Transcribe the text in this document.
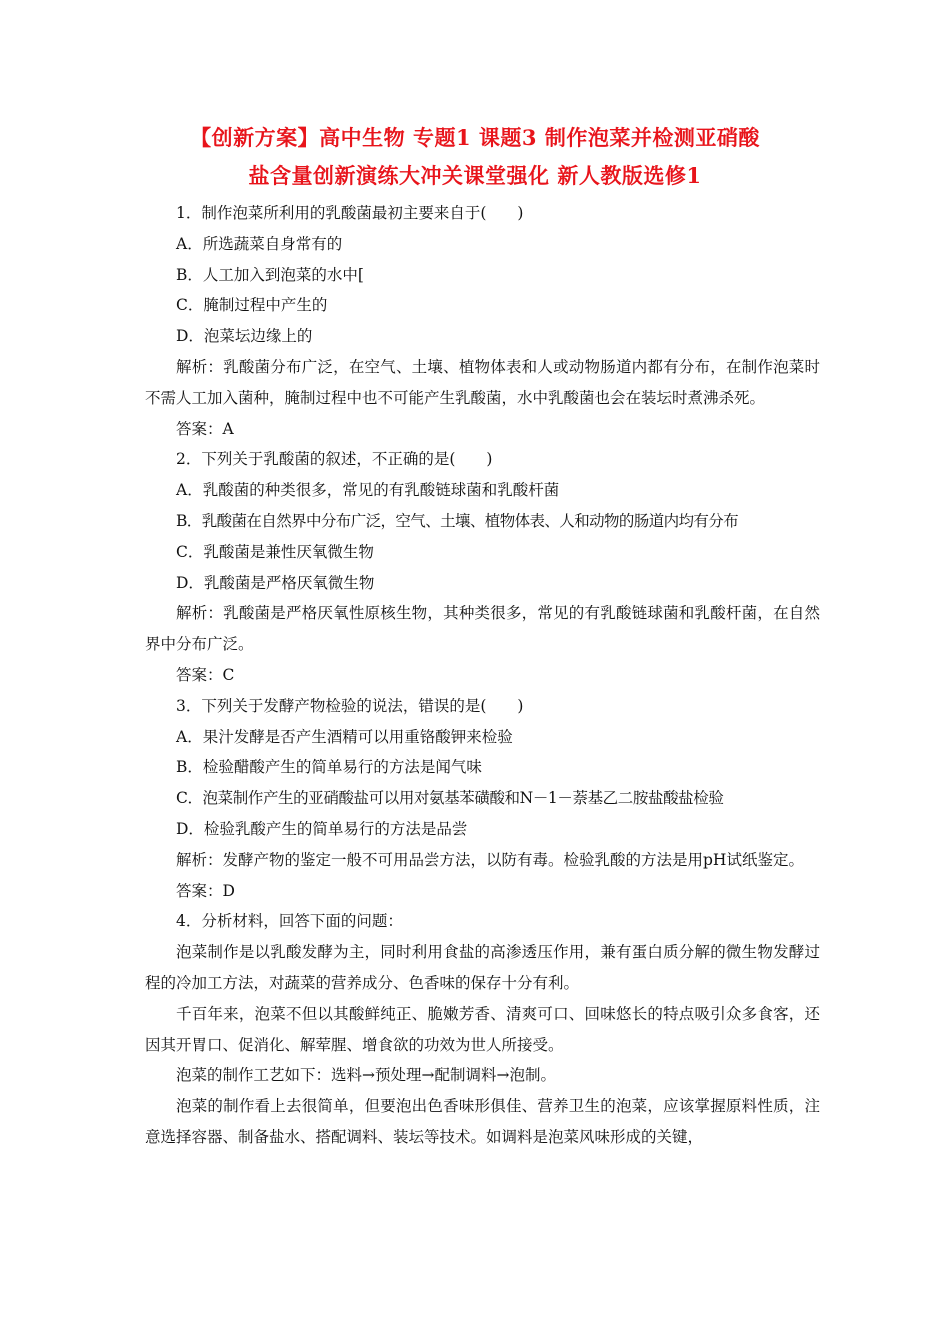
【创新方案】高中生物 专题1 课题3 制作泡菜并检测亚硝酸
盐含量创新演练大冲关课堂强化 新人教版选修1
1．制作泡菜所利用的乳酸菌最初主要来自于(　　)
A．所选蔬菜自身常有的
B．人工加入到泡菜的水中[
C．腌制过程中产生的
D．泡菜坛边缘上的
解析：乳酸菌分布广泛，在空气、土壤、植物体表和人或动物肠道内都有分布，在制作泡菜时不需人工加入菌种，腌制过程中也不可能产生乳酸菌，水中乳酸菌也会在装坛时煮沸杀死。
答案：A
2．下列关于乳酸菌的叙述，不正确的是(　　)
A．乳酸菌的种类很多，常见的有乳酸链球菌和乳酸杆菌
B．乳酸菌在自然界中分布广泛，空气、土壤、植物体表、人和动物的肠道内均有分布
C．乳酸菌是兼性厌氧微生物
D．乳酸菌是严格厌氧微生物
解析：乳酸菌是严格厌氧性原核生物，其种类很多，常见的有乳酸链球菌和乳酸杆菌，在自然界中分布广泛。
答案：C
3．下列关于发酵产物检验的说法，错误的是(　　)
A．果汁发酵是否产生酒精可以用重铬酸钾来检验
B．检验醋酸产生的简单易行的方法是闻气味
C．泡菜制作产生的亚硝酸盐可以用对氨基苯磺酸和N－1－萘基乙二胺盐酸盐检验
D．检验乳酸产生的简单易行的方法是品尝
解析：发酵产物的鉴定一般不可用品尝方法，以防有毒。检验乳酸的方法是用pH试纸鉴定。
答案：D
4．分析材料，回答下面的问题：
泡菜制作是以乳酸发酵为主，同时利用食盐的高渗透压作用，兼有蛋白质分解的微生物发酵过程的冷加工方法，对蔬菜的营养成分、色香味的保存十分有利。
千百年来，泡菜不但以其酸鲜纯正、脆嫩芳香、清爽可口、回味悠长的特点吸引众多食客，还因其开胃口、促消化、解荤腥、增食欲的功效为世人所接受。
泡菜的制作工艺如下：选料→预处理→配制调料→泡制。
泡菜的制作看上去很简单，但要泡出色香味形俱佳、营养卫生的泡菜，应该掌握原料性质，注意选择容器、制备盐水、搭配调料、装坛等技术。如调料是泡菜风味形成的关键，
